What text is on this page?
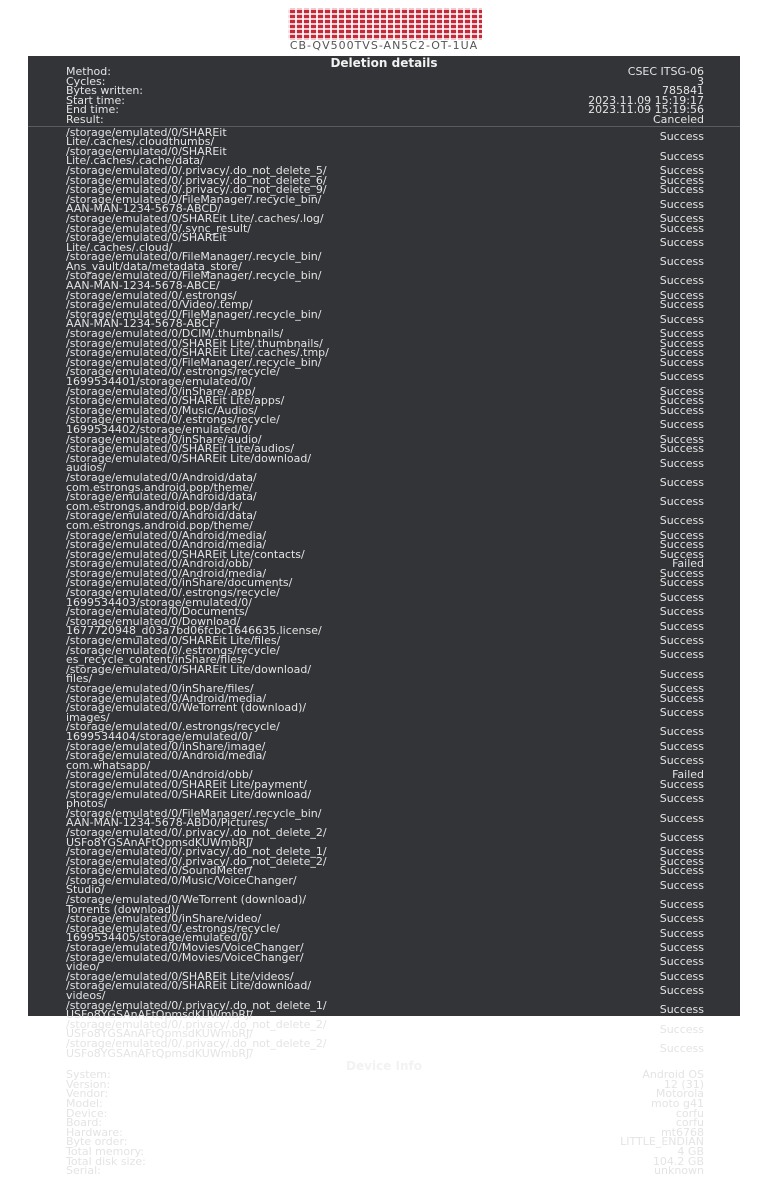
CB-QV500TVS-AN5C2-OT-1UA
Deletion details
Method:	CSEC ITSG-06
Cycles:	3
Bytes written:	785841
Start time:	2023.11.09 15:19:17
End time:	2023.11.09 15:19:56
Result:	Canceled
/storage/emulated/0/SHAREit
Lite/.caches/.cloudthumbs/	Success
/storage/emulated/0/SHAREit
Lite/.caches/.cache/data/	Success
/storage/emulated/0/.privacy/.do_not_delete_5/	Success
/storage/emulated/0/.privacy/.do_not_delete_6/	Success
/storage/emulated/0/.privacy/.do_not_delete_9/	Success
/storage/emulated/0/FileManager/.recycle_bin/
AAN-MAN-1234-5678-ABCD/	Success
/storage/emulated/0/SHAREit Lite/.caches/.log/	Success
/storage/emulated/0/.sync_result/	Success
/storage/emulated/0/SHAREit
Lite/.caches/.cloud/	Success
/storage/emulated/0/FileManager/.recycle_bin/
Ans_vault/data/metadata_store/	Success
/storage/emulated/0/FileManager/.recycle_bin/
AAN-MAN-1234-5678-ABCE/	Success
/storage/emulated/0/.estrongs/	Success
/storage/emulated/0/Video/.temp/	Success
/storage/emulated/0/FileManager/.recycle_bin/
AAN-MAN-1234-5678-ABCF/	Success
/storage/emulated/0/DCIM/.thumbnails/	Success
/storage/emulated/0/SHAREit Lite/.thumbnails/	Success
/storage/emulated/0/SHAREit Lite/.caches/.tmp/	Success
/storage/emulated/0/FileManager/.recycle_bin/	Success
/storage/emulated/0/.estrongs/recycle/
1699534401/storage/emulated/0/	Success
/storage/emulated/0/inShare/.app/	Success
/storage/emulated/0/SHAREit Lite/apps/	Success
/storage/emulated/0/Music/Audios/	Success
/storage/emulated/0/.estrongs/recycle/
1699534402/storage/emulated/0/	Success
/storage/emulated/0/inShare/audio/	Success
/storage/emulated/0/SHAREit Lite/audios/	Success
/storage/emulated/0/SHAREit Lite/download/
audios/	Success
/storage/emulated/0/Android/data/
com.estrongs.android.pop/theme/	Success
/storage/emulated/0/Android/data/
com.estrongs.android.pop/dark/	Success
/storage/emulated/0/Android/data/
com.estrongs.android.pop/theme/	Success
/storage/emulated/0/Android/media/	Success
/storage/emulated/0/Android/media/	Success
/storage/emulated/0/SHAREit Lite/contacts/	Success
/storage/emulated/0/Android/obb/	Failed
/storage/emulated/0/Android/media/	Success
/storage/emulated/0/inShare/documents/	Success
/storage/emulated/0/.estrongs/recycle/
1699534403/storage/emulated/0/	Success
/storage/emulated/0/Documents/	Success
/storage/emulated/0/Download/
1677720948_d03a7bd06fcbc1646635.license/	Success
/storage/emulated/0/SHAREit Lite/files/	Success
/storage/emulated/0/.estrongs/recycle/
es_recycle_content/inShare/files/	Success
/storage/emulated/0/SHAREit Lite/download/
files/	Success
/storage/emulated/0/inShare/files/	Success
/storage/emulated/0/Android/media/	Success
/storage/emulated/0/WeTorrent (download)/
images/	Success
/storage/emulated/0/.estrongs/recycle/
1699534404/storage/emulated/0/	Success
/storage/emulated/0/inShare/image/	Success
/storage/emulated/0/Android/media/
com.whatsapp/	Success
/storage/emulated/0/Android/obb/	Failed
/storage/emulated/0/SHAREit Lite/payment/	Success
/storage/emulated/0/SHAREit Lite/download/
photos/	Success
/storage/emulated/0/FileManager/.recycle_bin/
AAN-MAN-1234-5678-ABD0/Pictures/	Success
/storage/emulated/0/.privacy/.do_not_delete_2/
USFo8YGSAnAFtQpmsdKUWmbRJ/	Success
/storage/emulated/0/.privacy/.do_not_delete_1/	Success
/storage/emulated/0/.privacy/.do_not_delete_2/	Success
/storage/emulated/0/SoundMeter/	Success
/storage/emulated/0/Music/VoiceChanger/
Studio/	Success
/storage/emulated/0/WeTorrent (download)/
Torrents (download)/	Success
/storage/emulated/0/inShare/video/	Success
/storage/emulated/0/.estrongs/recycle/
1699534405/storage/emulated/0/	Success
/storage/emulated/0/Movies/VoiceChanger/	Success
/storage/emulated/0/Movies/VoiceChanger/
video/	Success
/storage/emulated/0/SHAREit Lite/videos/	Success
/storage/emulated/0/SHAREit Lite/download/
videos/	Success
/storage/emulated/0/.privacy/.do_not_delete_1/
USFo8YGSAnAFtQpmsdKUWmbRJ/	Success
/storage/emulated/0/.privacy/.do_not_delete_2/
USFo8YGSAnAFtQpmsdKUWmbRJ/	Success
/storage/emulated/0/.privacy/.do_not_delete_2/
USFo8YGSAnAFtQpmsdKUWmbRJ/	Success
Device Info
System:	Android OS
Version:	12 (31)
Vendor:	Motorola
Model:	moto g41
Device:	corfu
Board:	corfu
Hardware:	mt6768
Byte order:	LITTLE_ENDIAN
Total memory:	4 GB
Total disk size:	104.2 GB
Serial:	unknown
